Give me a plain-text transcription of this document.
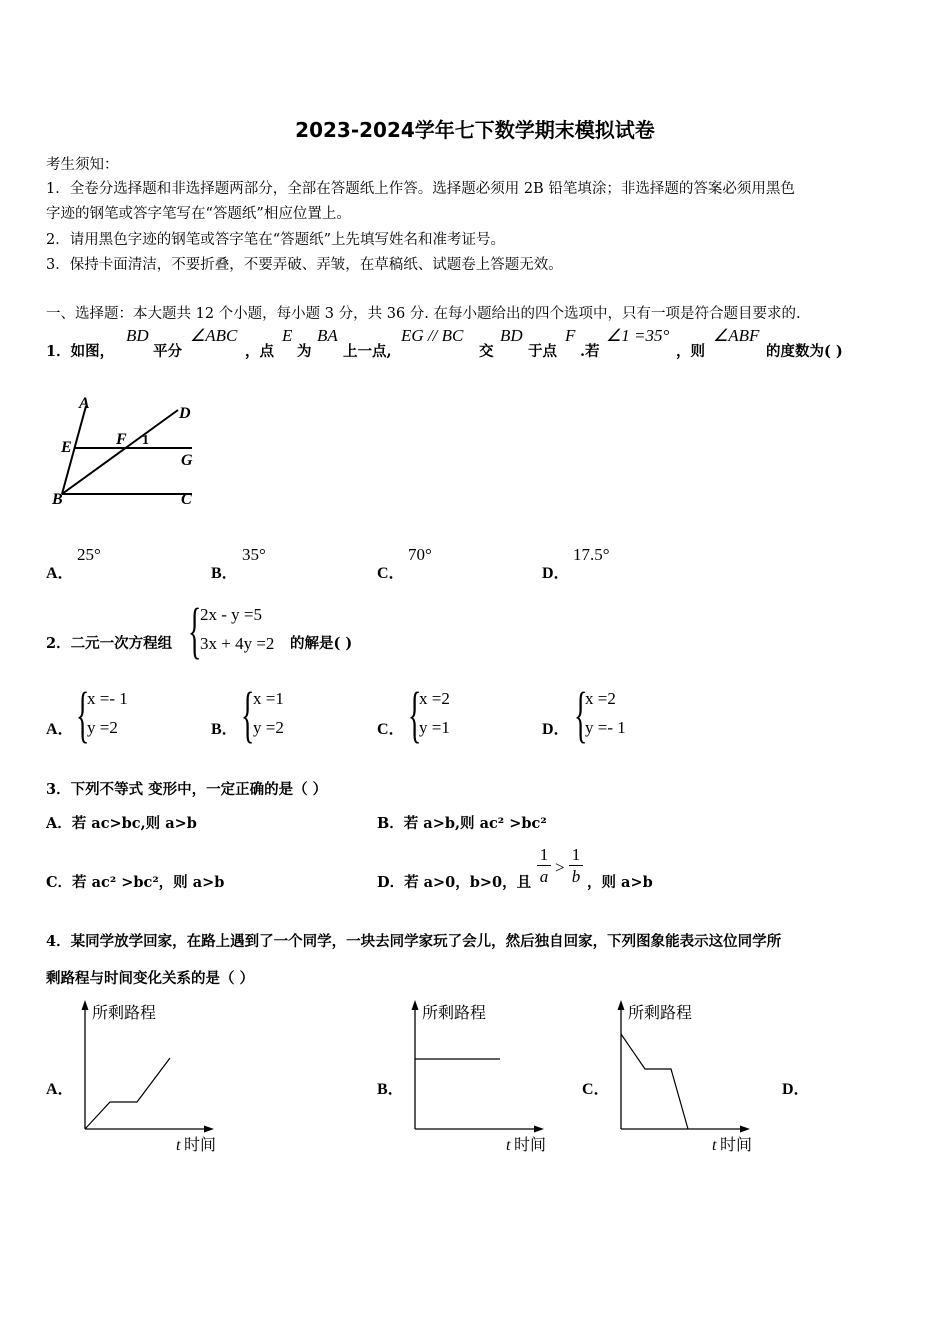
2023-2024学年七下数学期末模拟试卷
考生须知：
1．全卷分选择题和非选择题两部分，全部在答题纸上作答。选择题必须用 2B 铅笔填涂；非选择题的答案必须用黑色
字迹的钢笔或答字笔写在“答题纸”相应位置上。
2．请用黑色字迹的钢笔或答字笔在“答题纸”上先填写姓名和准考证号。
3．保持卡面清洁，不要折叠，不要弄破、弄皱，在草稿纸、试题卷上答题无效。
一、选择题：本大题共 12 个小题，每小题 3 分，共 36 分. 在每小题给出的四个选项中，只有一项是符合题目要求的.
1．如图，
BD
平分
∠ABC
，点
E
为
BA
上一点,
EG // BC
交
BD
于点
F
.若
∠1 =35°
，则
∠ABF
的度数为( )
A
D
E	F 1
G
B	C
A．
25°
B．
35°
C．
70°
D．
17.5°
2．二元一次方程组 {
2x - y =5
3x + 4y =2 的解是( )
A． {
x =- 1
y =2	B． {
x =1
y =2	C． {
x =2
y =1	D． {
x =2
y =- 1
3．下列不等式 变形中，一定正确的是（ ）
A．若 ac>bc,则 a>b	B．若 a>b,则 ac² >bc²
C．若 ac² >bc²，则 a>b	D．若 a>0，b>0，且
1
a >
1
b ，则 a>b
4．某同学放学回家，在路上遇到了一个同学，一块去同学家玩了会儿，然后独自回家，下列图象能表示这位同学所
剩路程与时间变化关系的是（ ）
A．
所剩路程
t 时间
B．
所剩路程
t 时间
C．
所剩路程
t 时间
D．
